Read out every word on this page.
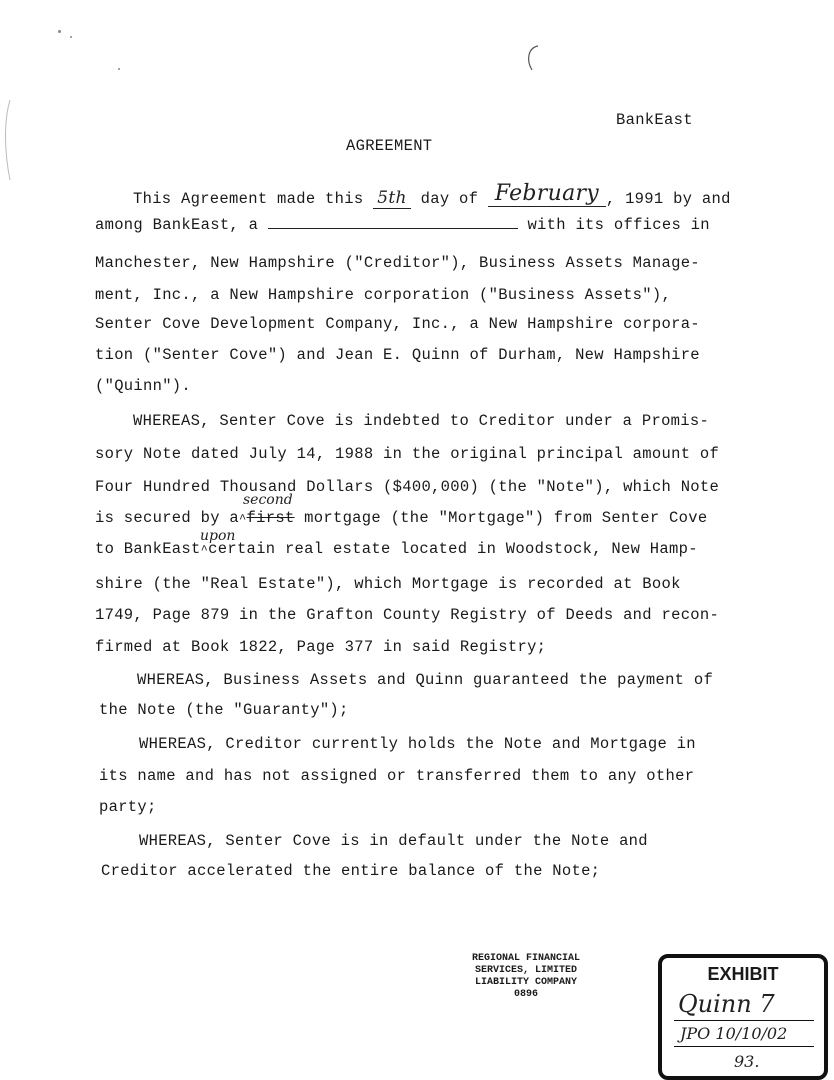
BankEast
AGREEMENT
This Agreement made this 5th day of February , 1991 by and
among BankEast, a	with its offices in
Manchester, New Hampshire ("Creditor"), Business Assets Manage-
ment, Inc., a New Hampshire corporation ("Business Assets"),
Senter Cove Development Company, Inc., a New Hampshire corpora-
tion ("Senter Cove") and Jean E. Quinn of Durham, New Hampshire
("Quinn").
WHEREAS, Senter Cove is indebted to Creditor under a Promis-
sory Note dated July 14, 1988 in the original principal amount of
Four Hundred Thousand Dollars ($400,000) (the "Note"), which Note
second
is secured by a^first mortgage (the "Mortgage") from Senter Cove
upon
to BankEast^certain real estate located in Woodstock, New Hamp-
shire (the "Real Estate"), which Mortgage is recorded at Book
1749, Page 879 in the Grafton County Registry of Deeds and recon-
firmed at Book 1822, Page 377 in said Registry;
WHEREAS, Business Assets and Quinn guaranteed the payment of
the Note (the "Guaranty");
WHEREAS, Creditor currently holds the Note and Mortgage in
its name and has not assigned or transferred them to any other
party;
WHEREAS, Senter Cove is in default under the Note and
Creditor accelerated the entire balance of the Note;
REGIONAL FINANCIAL
SERVICES, LIMITED
LIABILITY COMPANY
0896
EXHIBIT
Quinn 7
JPO 10/10/02
93.
